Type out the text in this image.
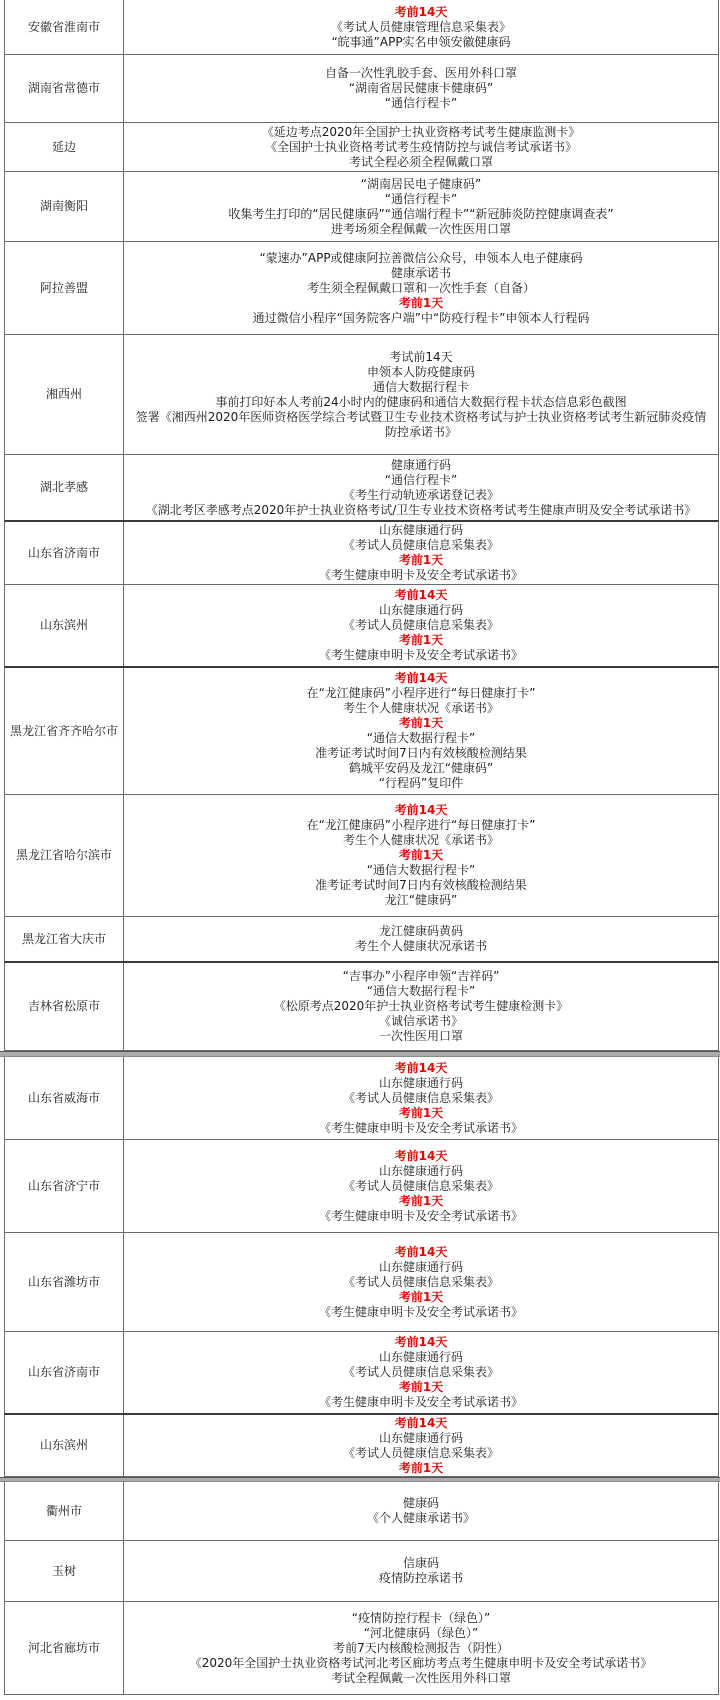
安徽省淮南市
考前14天
《考试人员健康管理信息采集表》
“皖事通”APP实名申领安徽健康码
湖南省常德市
自备一次性乳胶手套、医用外科口罩
“湖南省居民健康卡健康码”
“通信行程卡”
延边
《延边考点2020年全国护士执业资格考试考生健康监测卡》
《全国护士执业资格考试考生疫情防控与诚信考试承诺书》
考试全程必须全程佩戴口罩
湖南衡阳
“湖南居民电子健康码”
“通信行程卡”
收集考生打印的“居民健康码”“通信端行程卡”“新冠肺炎防控健康调查表”
进考场须全程佩戴一次性医用口罩
阿拉善盟
“蒙速办”APP或健康阿拉善微信公众号，申领本人电子健康码
健康承诺书
考生须全程佩戴口罩和一次性手套（自备）
考前1天
通过微信小程序“国务院客户端”中“防疫行程卡”申领本人行程码
湘西州
考试前14天
申领本人防疫健康码
通信大数据行程卡
事前打印好本人考前24小时内的健康码和通信大数据行程卡状态信息彩色截图
签署《湘西州2020年医师资格医学综合考试暨卫生专业技术资格考试与护士执业资格考试考生新冠肺炎疫情防控承诺书》
湖北孝感
健康通行码
“通信行程卡”
《考生行动轨迹承诺登记表》
《湖北考区孝感考点2020年护士执业资格考试/卫生专业技术资格考试考生健康声明及安全考试承诺书》
山东省济南市
山东健康通行码
《考试人员健康信息采集表》
考前1天
《考生健康申明卡及安全考试承诺书》
山东滨州
考前14天
山东健康通行码
《考试人员健康信息采集表》
考前1天
《考生健康申明卡及安全考试承诺书》
黑龙江省齐齐哈尔市
考前14天
在“龙江健康码”小程序进行“每日健康打卡”
考生个人健康状况《承诺书》
考前1天
“通信大数据行程卡”
准考证考试时间7日内有效核酸检测结果
鹤城平安码及龙江“健康码”
“行程码”复印件
黑龙江省哈尔滨市
考前14天
在“龙江健康码”小程序进行“每日健康打卡”
考生个人健康状况《承诺书》
考前1天
“通信大数据行程卡”
准考证考试时间7日内有效核酸检测结果
龙江“健康码”
黑龙江省大庆市
龙江健康码黄码
考生个人健康状况承诺书
吉林省松原市
“吉事办”小程序申领“吉祥码”
“通信大数据行程卡”
《松原考点2020年护士执业资格考试考生健康检测卡》
《诚信承诺书》
一次性医用口罩
山东省威海市
考前14天
山东健康通行码
《考试人员健康信息采集表》
考前1天
《考生健康申明卡及安全考试承诺书》
山东省济宁市
考前14天
山东健康通行码
《考试人员健康信息采集表》
考前1天
《考生健康申明卡及安全考试承诺书》
山东省潍坊市
考前14天
山东健康通行码
《考试人员健康信息采集表》
考前1天
《考生健康申明卡及安全考试承诺书》
山东省济南市
考前14天
山东健康通行码
《考试人员健康信息采集表》
考前1天
《考生健康申明卡及安全考试承诺书》
山东滨州
考前14天
山东健康通行码
《考试人员健康信息采集表》
考前1天
衢州市
健康码
《个人健康承诺书》
玉树
信康码
疫情防控承诺书
河北省廊坊市
“疫情防控行程卡（绿色）”
“河北健康码（绿色）”
考前7天内核酸检测报告（阴性）
《2020年全国护士执业资格考试河北考区廊坊考点考生健康申明卡及安全考试承诺书》
考试全程佩戴一次性医用外科口罩
